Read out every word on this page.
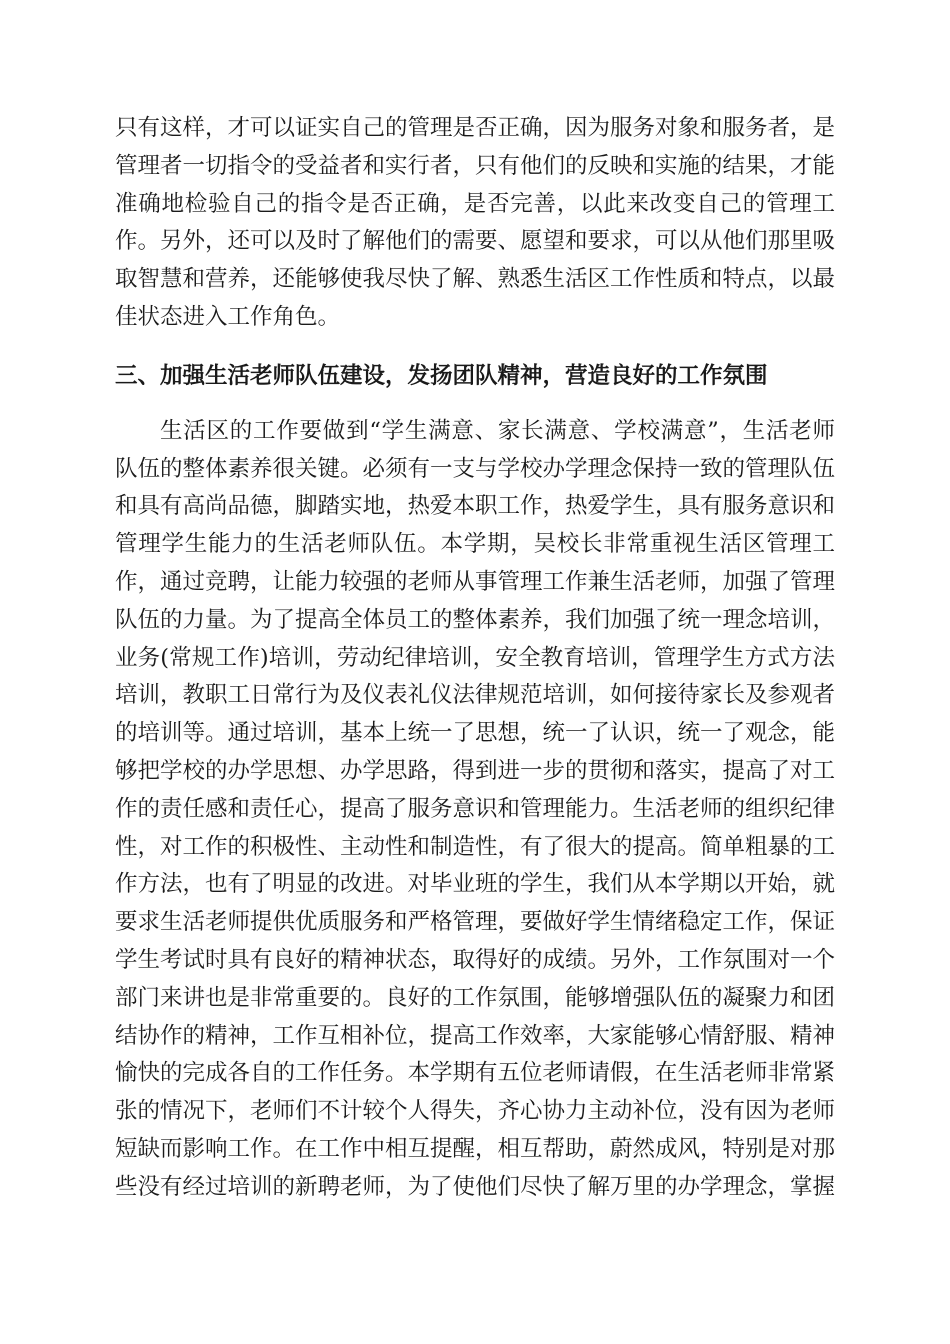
只有这样，才可以证实自己的管理是否正确，因为服务对象和服务者，是
管理者一切指令的受益者和实行者，只有他们的反映和实施的结果，才能
准确地检验自己的指令是否正确，是否完善，以此来改变自己的管理工
作。另外，还可以及时了解他们的需要、愿望和要求，可以从他们那里吸
取智慧和营养，还能够使我尽快了解、熟悉生活区工作性质和特点，以最
佳状态进入工作角色。
三、加强生活老师队伍建设，发扬团队精神，营造良好的工作氛围
生活区的工作要做到“学生满意、家长满意、学校满意”，生活老师
队伍的整体素养很关键。必须有一支与学校办学理念保持一致的管理队伍
和具有高尚品德，脚踏实地，热爱本职工作，热爱学生，具有服务意识和
管理学生能力的生活老师队伍。本学期，吴校长非常重视生活区管理工
作，通过竞聘，让能力较强的老师从事管理工作兼生活老师，加强了管理
队伍的力量。为了提高全体员工的整体素养，我们加强了统一理念培训，
业务(常规工作)培训，劳动纪律培训，安全教育培训，管理学生方式方法
培训，教职工日常行为及仪表礼仪法律规范培训，如何接待家长及参观者
的培训等。通过培训，基本上统一了思想，统一了认识，统一了观念，能
够把学校的办学思想、办学思路，得到进一步的贯彻和落实，提高了对工
作的责任感和责任心，提高了服务意识和管理能力。生活老师的组织纪律
性，对工作的积极性、主动性和制造性，有了很大的提高。简单粗暴的工
作方法，也有了明显的改进。对毕业班的学生，我们从本学期以开始，就
要求生活老师提供优质服务和严格管理，要做好学生情绪稳定工作，保证
学生考试时具有良好的精神状态，取得好的成绩。另外，工作氛围对一个
部门来讲也是非常重要的。良好的工作氛围，能够增强队伍的凝聚力和团
结协作的精神，工作互相补位，提高工作效率，大家能够心情舒服、精神
愉快的完成各自的工作任务。本学期有五位老师请假，在生活老师非常紧
张的情况下，老师们不计较个人得失，齐心协力主动补位，没有因为老师
短缺而影响工作。在工作中相互提醒，相互帮助，蔚然成风，特别是对那
些没有经过培训的新聘老师，为了使他们尽快了解万里的办学理念，掌握
